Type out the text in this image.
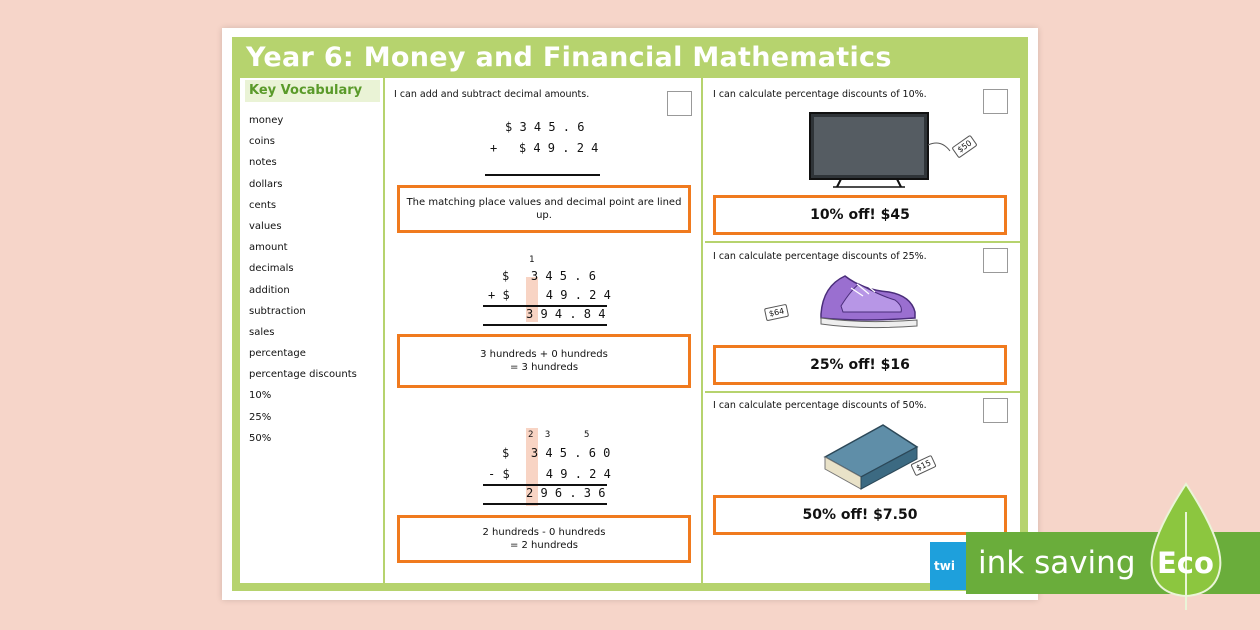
Year 6: Money and Financial Mathematics
Key Vocabulary
money
coins
notes
dollars
cents
values
amount
decimals
addition
subtraction
sales
percentage
percentage discounts
10%
25%
50%
I can add and subtract decimal amounts.
$ 3 4 5 . 6
+   $ 4 9 . 2 4
The matching place values and decimal point are lined up.
1
$   3 4 5 . 6
+ $     4 9 . 2 4
3 9 4 . 8 4
3 hundreds + 0 hundreds
= 3 hundreds
2 3	5
$   3 4 5 . 6 0
- $     4 9 . 2 4
2 9 6 . 3 6
2 hundreds - 0 hundreds
= 2 hundreds
I can calculate percentage discounts of 10%.
$50
10% off! $45
I can calculate percentage discounts of 25%.
$64
25% off! $16
I can calculate percentage discounts of 50%.
$15
50% off! $7.50
twi ink saving Eco
